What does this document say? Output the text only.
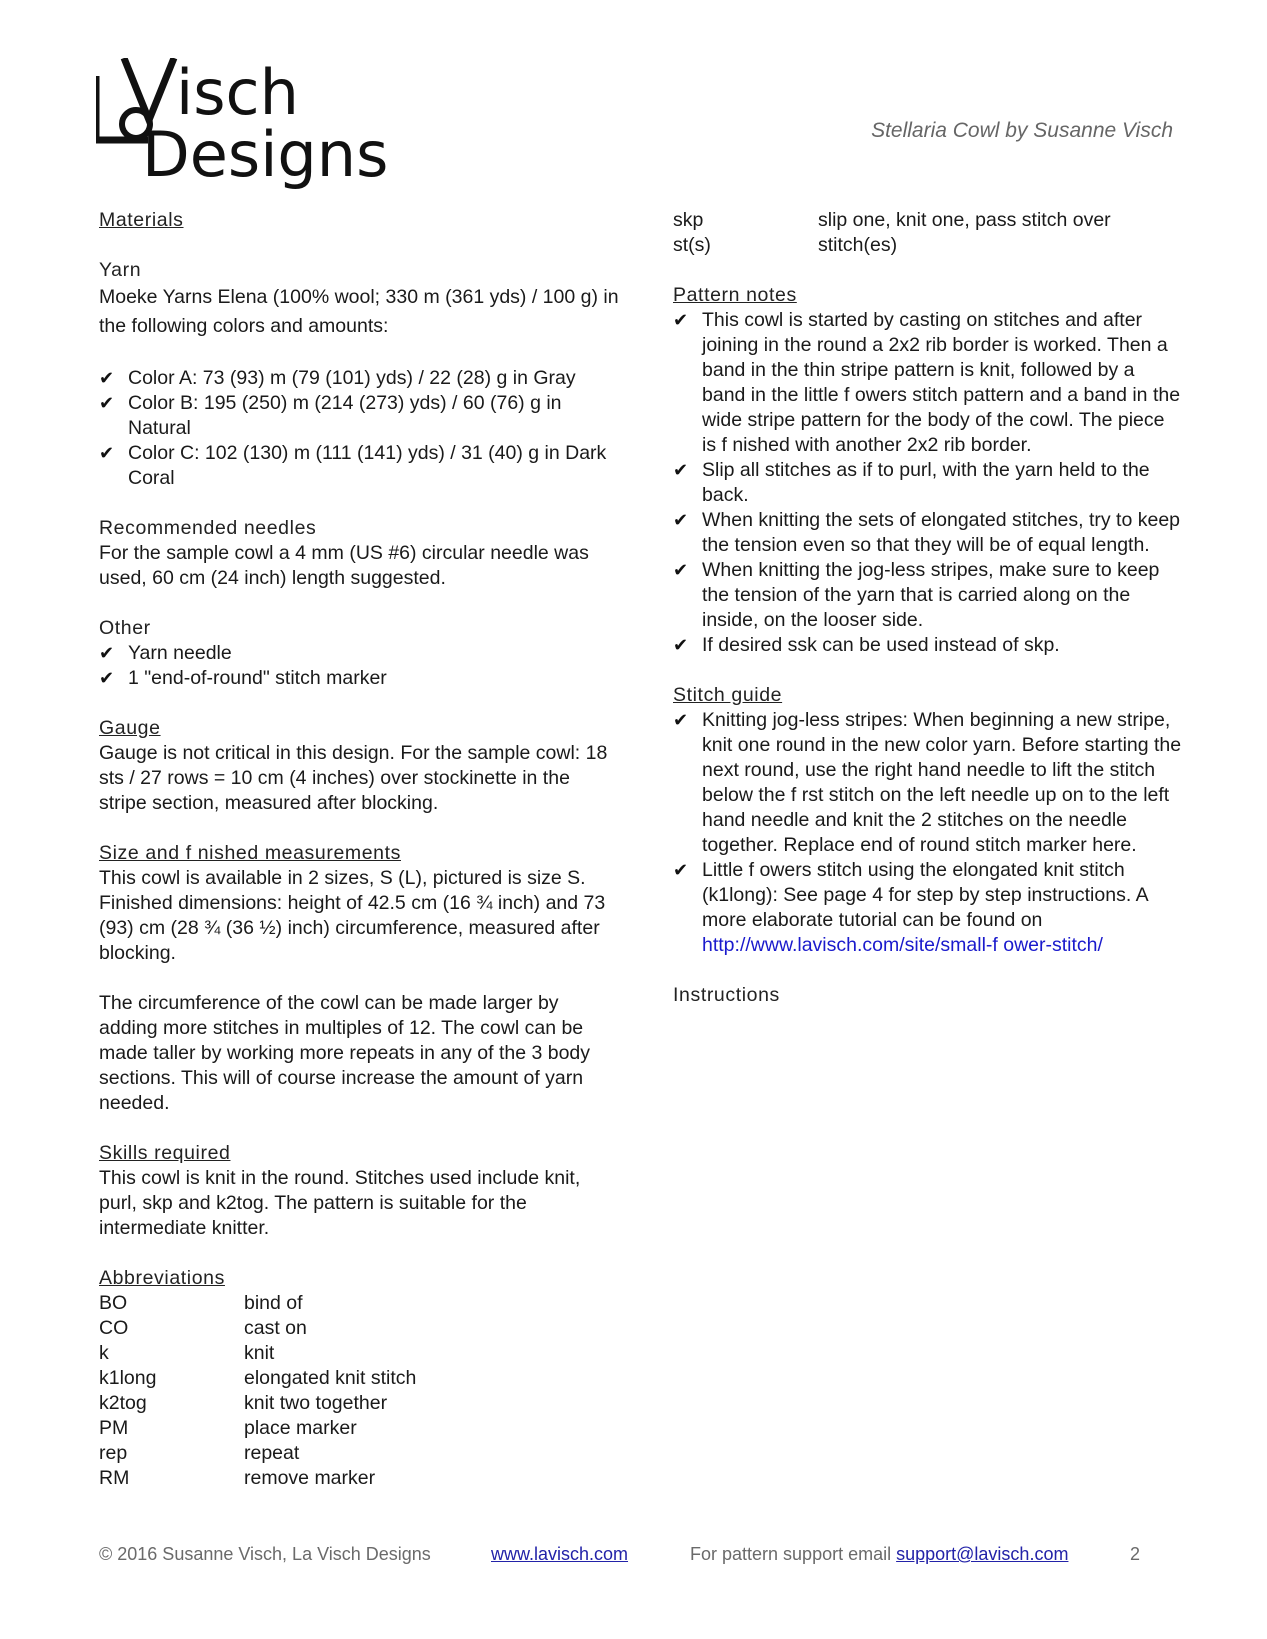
isch
Designs	Stellaria Cowl by Susanne Visch
Materials
Yarn
Moeke Yarns Elena (100% wool; 330 m (361 yds) / 100 g) in the following colors and amounts:
✔ Color A: 73 (93) m (79 (101) yds) / 22 (28) g in Gray
✔ Color B: 195 (250) m (214 (273) yds) / 60 (76) g in Natural
✔ Color C: 102 (130) m (111 (141) yds) / 31 (40) g in Dark Coral
Recommended needles
For the sample cowl a 4 mm (US #6) circular needle was used, 60 cm (24 inch) length suggested.
Other
✔ Yarn needle
✔ 1 "end-of-round" stitch marker
Gauge
Gauge is not critical in this design. For the sample cowl: 18 sts / 27 rows = 10 cm (4 inches) over stockinette in the stripe section, measured after blocking.
Size and f nished measurements
This cowl is available in 2 sizes, S (L), pictured is size S. Finished dimensions: height of 42.5 cm (16 ¾ inch) and 73 (93) cm (28 ¾ (36 ½) inch) circumference, measured after blocking.
The circumference of the cowl can be made larger by adding more stitches in multiples of 12. The cowl can be made taller by working more repeats in any of the 3 body sections. This will of course increase the amount of yarn needed.
Skills required
This cowl is knit in the round. Stitches used include knit, purl, skp and k2tog. The pattern is suitable for the intermediate knitter.
Abbreviations
BO	bind of
CO	cast on
k	knit
k1long	elongated knit stitch
k2tog	knit two together
PM	place marker
rep	repeat
RM	remove marker
skp	slip one, knit one, pass stitch over
st(s)	stitch(es)
Pattern notes
✔ This cowl is started by casting on stitches and after joining in the round a 2x2 rib border is worked. Then a band in the thin stripe pattern is knit, followed by a band in the little f owers stitch pattern and a band in the wide stripe pattern for the body of the cowl. The piece is f nished with another 2x2 rib border.
✔ Slip all stitches as if to purl, with the yarn held to the back.
✔ When knitting the sets of elongated stitches, try to keep the tension even so that they will be of equal length.
✔ When knitting the jog-less stripes, make sure to keep the tension of the yarn that is carried along on the inside, on the looser side.
✔ If desired ssk can be used instead of skp.
Stitch guide
✔ Knitting jog-less stripes: When beginning a new stripe, knit one round in the new color yarn. Before starting the next round, use the right hand needle to lift the stitch below the f rst stitch on the left needle up on to the left hand needle and knit the 2 stitches on the needle together. Replace end of round stitch marker here.
✔ Little f owers stitch using the elongated knit stitch (k1long): See page 4 for step by step instructions. A more elaborate tutorial can be found on http://www.lavisch.com/site/small-f ower-stitch/
Instructions
© 2016 Susanne Visch, La Visch Designs	www.lavisch.com	For pattern support email support@lavisch.com	2
